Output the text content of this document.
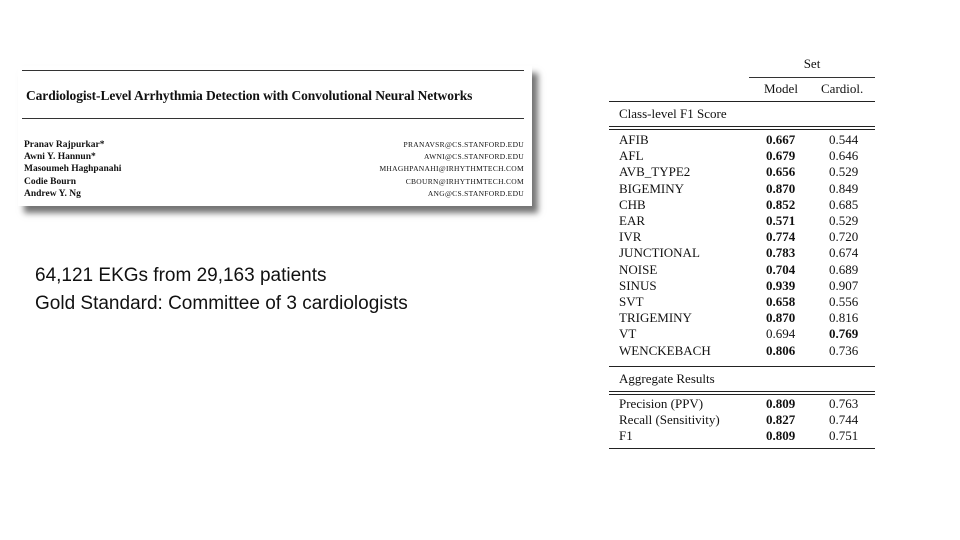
Cardiologist-Level Arrhythmia Detection with Convolutional Neural Networks
Pranav Rajpurkar*	PRANAVSR@CS.STANFORD.EDU
Awni Y. Hannun*	AWNI@CS.STANFORD.EDU
Masoumeh Haghpanahi	MHAGHPANAHI@IRHYTHMTECH.COM
Codie Bourn	CBOURN@IRHYTHMTECH.COM
Andrew Y. Ng	ANG@CS.STANFORD.EDU
64,121 EKGs from 29,163 patients
Gold Standard: Committee of 3 cardiologists
Set
Model Cardiol.
Class-level F1 Score
AFIB	0.667	0.544
AFL	0.679	0.646
AVB_TYPE2	0.656	0.529
BIGEMINY	0.870	0.849
CHB	0.852	0.685
EAR	0.571	0.529
IVR	0.774	0.720
JUNCTIONAL	0.783	0.674
NOISE	0.704	0.689
SINUS	0.939	0.907
SVT	0.658	0.556
TRIGEMINY	0.870	0.816
VT	0.694	0.769
WENCKEBACH	0.806	0.736
Aggregate Results
Precision (PPV)	0.809	0.763
Recall (Sensitivity)	0.827	0.744
F1	0.809	0.751
